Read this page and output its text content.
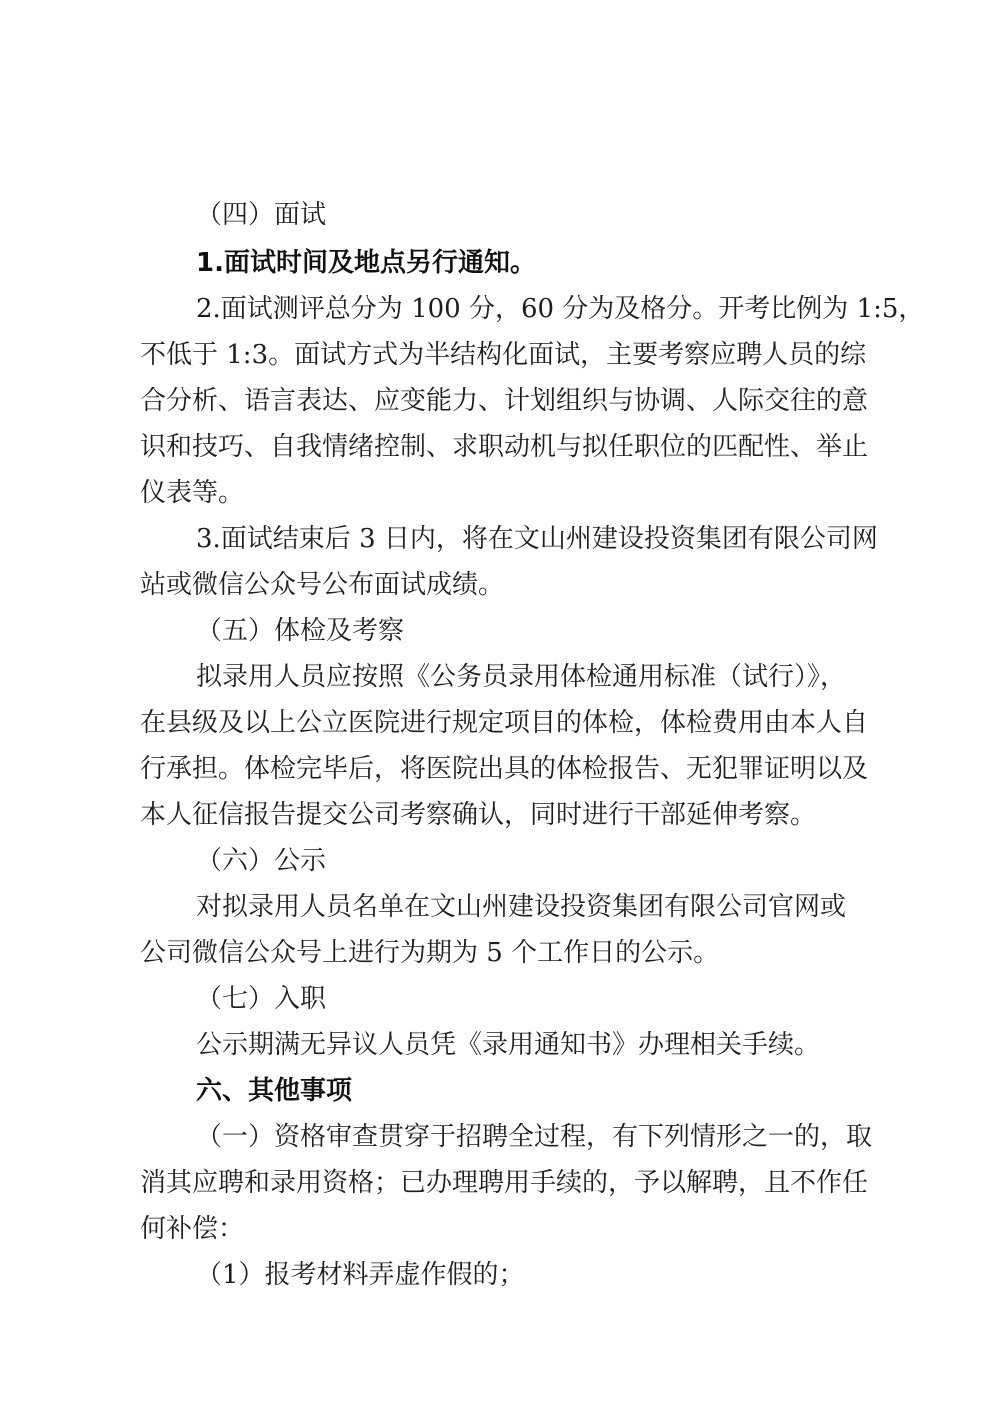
（四）面试
1.面试时间及地点另行通知。
2.面试测评总分为 100 分，60 分为及格分。开考比例为 1:5，
不低于 1:3。面试方式为半结构化面试，主要考察应聘人员的综
合分析、语言表达、应变能力、计划组织与协调、人际交往的意
识和技巧、自我情绪控制、求职动机与拟任职位的匹配性、举止
仪表等。
3.面试结束后 3 日内，将在文山州建设投资集团有限公司网
站或微信公众号公布面试成绩。
（五）体检及考察
拟录用人员应按照《公务员录用体检通用标准（试行）》，
在县级及以上公立医院进行规定项目的体检，体检费用由本人自
行承担。体检完毕后，将医院出具的体检报告、无犯罪证明以及
本人征信报告提交公司考察确认，同时进行干部延伸考察。
（六）公示
对拟录用人员名单在文山州建设投资集团有限公司官网或
公司微信公众号上进行为期为 5 个工作日的公示。
（七）入职
公示期满无异议人员凭《录用通知书》办理相关手续。
六、其他事项
（一）资格审查贯穿于招聘全过程，有下列情形之一的，取
消其应聘和录用资格；已办理聘用手续的，予以解聘，且不作任
何补偿：
（1）报考材料弄虚作假的；
